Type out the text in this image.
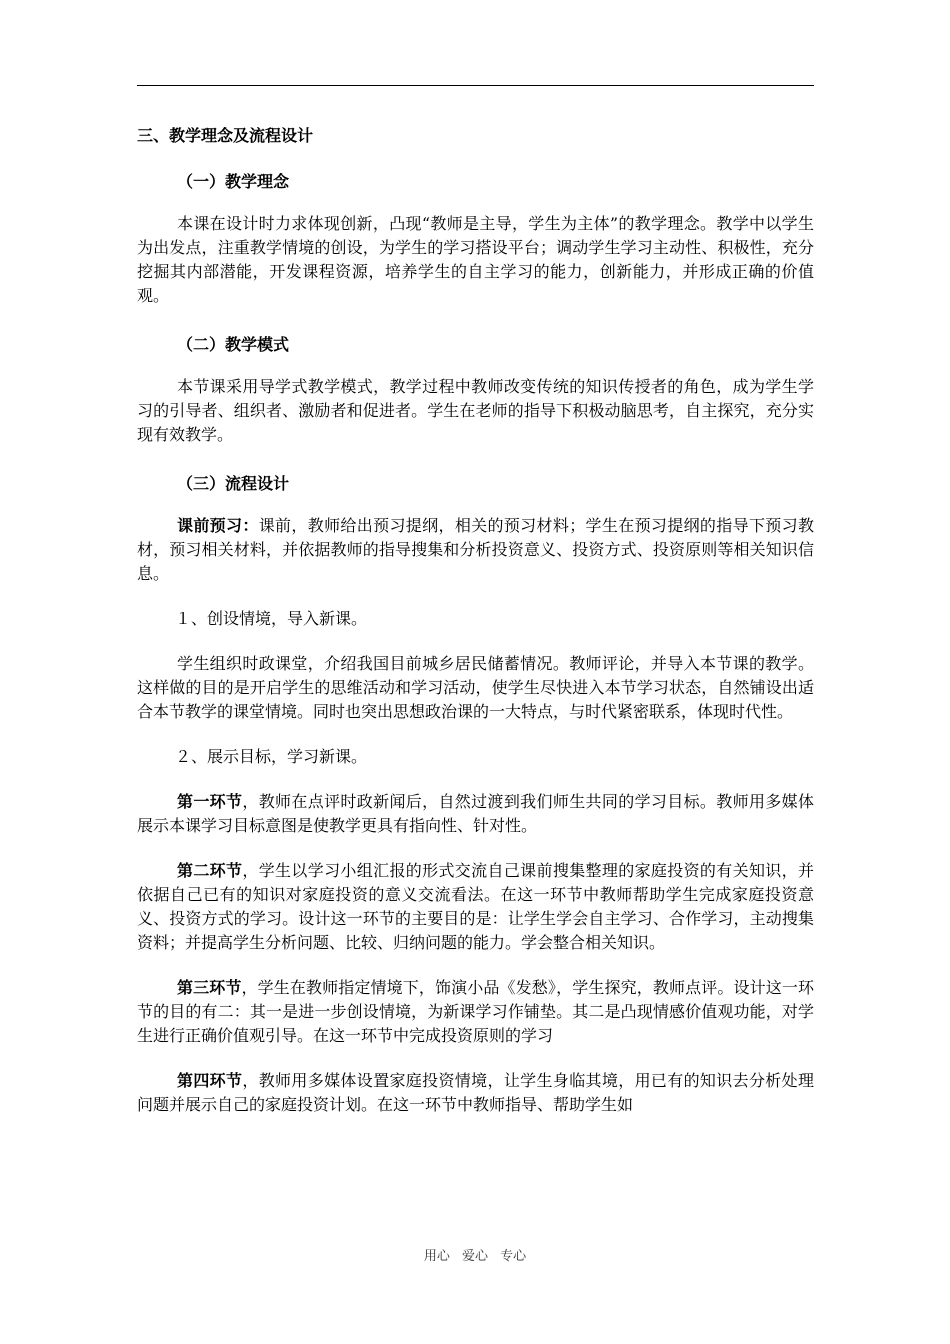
三、教学理念及流程设计
（一）教学理念

本课在设计时力求体现创新，凸现“教师是主导，学生为主体”的教学理念。教学中以学生为出发点，注重教学情境的创设，为学生的学习搭设平台；调动学生学习主动性、积极性，充分挖掘其内部潜能，开发课程资源，培养学生的自主学习的能力，创新能力，并形成正确的价值观。

（二）教学模式

本节课采用导学式教学模式，教学过程中教师改变传统的知识传授者的角色，成为学生学习的引导者、组织者、激励者和促进者。学生在老师的指导下积极动脑思考，自主探究，充分实现有效教学。

（三）流程设计

课前预习：课前，教师给出预习提纲，相关的预习材料；学生在预习提纲的指导下预习教材，预习相关材料，并依据教师的指导搜集和分析投资意义、投资方式、投资原则等相关知识信息。

１、创设情境，导入新课。

学生组织时政课堂，介绍我国目前城乡居民储蓄情况。教师评论，并导入本节课的教学。这样做的目的是开启学生的思维活动和学习活动，使学生尽快进入本节学习状态，自然铺设出适合本节教学的课堂情境。同时也突出思想政治课的一大特点，与时代紧密联系，体现时代性。

２、展示目标，学习新课。

第一环节，教师在点评时政新闻后，自然过渡到我们师生共同的学习目标。教师用多媒体展示本课学习目标意图是使教学更具有指向性、针对性。

第二环节，学生以学习小组汇报的形式交流自己课前搜集整理的家庭投资的有关知识，并依据自己已有的知识对家庭投资的意义交流看法。在这一环节中教师帮助学生完成家庭投资意义、投资方式的学习。设计这一环节的主要目的是：让学生学会自主学习、合作学习，主动搜集资料；并提高学生分析问题、比较、归纳问题的能力。学会整合相关知识。

第三环节，学生在教师指定情境下，饰演小品《发愁》，学生探究，教师点评。设计这一环节的目的有二：其一是进一步创设情境，为新课学习作铺垫。其二是凸现情感价值观功能，对学生进行正确价值观引导。在这一环节中完成投资原则的学习

第四环节，教师用多媒体设置家庭投资情境，让学生身临其境，用已有的知识去分析处理问题并展示自己的家庭投资计划。在这一环节中教师指导、帮助学生如

用心 爱心 专心
